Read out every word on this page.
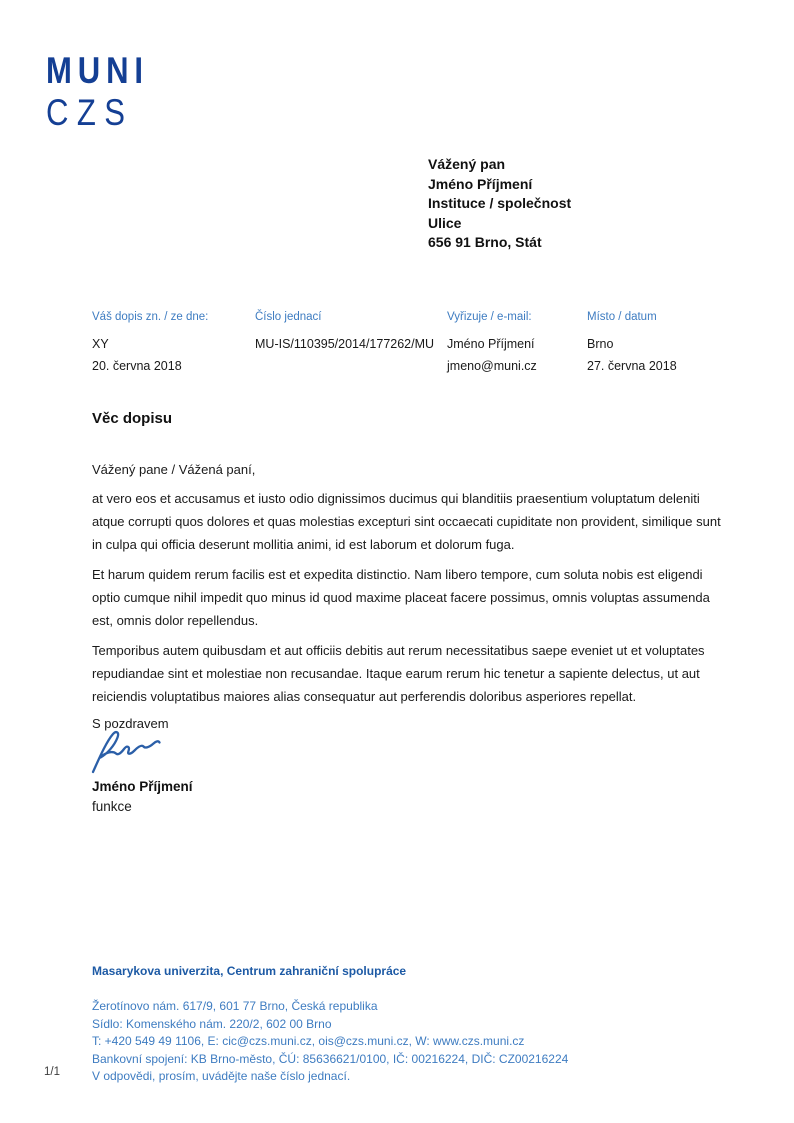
MUNI
CZS
Vážený pan
Jméno Příjmení
Instituce / společnost
Ulice
656 91 Brno, Stát
Váš dopis zn. / ze dne:
XY
20. června 2018
Číslo jednací
MU-IS/110395/2014/177262/MU
Vyřizuje / e-mail:
Jméno Příjmení
jmeno@muni.cz
Místo / datum
Brno
27. června 2018
Věc dopisu
Vážený pane / Vážená paní,

at vero eos et accusamus et iusto odio dignissimos ducimus qui blanditiis praesentium voluptatum deleniti atque corrupti quos dolores et quas molestias excepturi sint occaecati cupiditate non provident, similique sunt in culpa qui officia deserunt mollitia animi, id est laborum et dolorum fuga.

Et harum quidem rerum facilis est et expedita distinctio. Nam libero tempore, cum soluta nobis est eligendi optio cumque nihil impedit quo minus id quod maxime placeat facere possimus, omnis voluptas assumenda est, omnis dolor repellendus.

Temporibus autem quibusdam et aut officiis debitis aut rerum necessitatibus saepe eveniet ut et voluptates repudiandae sint et molestiae non recusandae. Itaque earum rerum hic tenetur a sapiente delectus, ut aut reiciendis voluptatibus maiores alias consequatur aut perferendis doloribus asperiores repellat.

S pozdravem
Jméno Příjmení
funkce
Masarykova univerzita, Centrum zahraniční spolupráce
Žerotínovo nám. 617/9, 601 77 Brno, Česká republika
Sídlo: Komenského nám. 220/2, 602 00 Brno
T: +420 549 49 1106, E: cic@czs.muni.cz, ois@czs.muni.cz, W: www.czs.muni.cz
Bankovní spojení: KB Brno-město, ČÚ: 85636621/0100, IČ: 00216224, DIČ: CZ00216224
V odpovědi, prosím, uvádějte naše číslo jednací.
1/1
